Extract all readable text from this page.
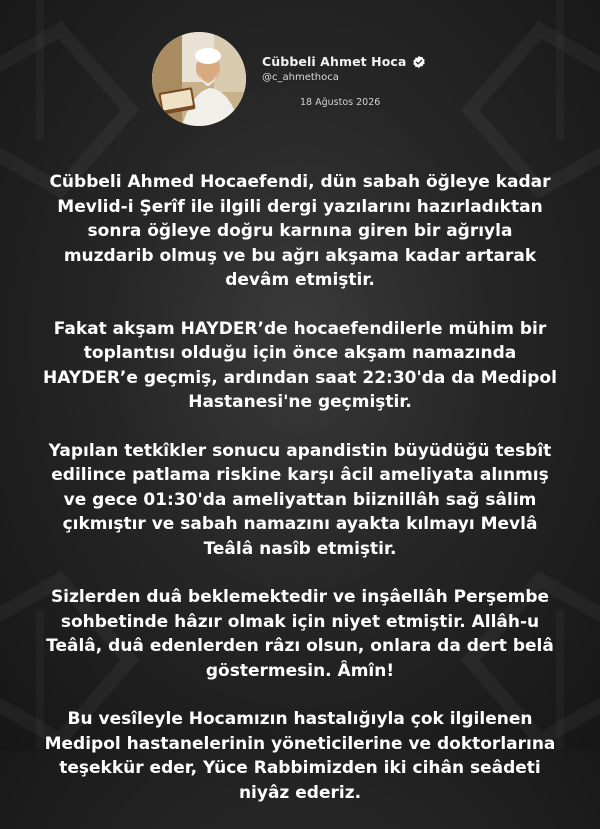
Cübbeli Ahmet Hoca
@c_ahmethoca
18 Ağustos 2026

Cübbeli Ahmed Hocaefendi, dün sabah öğleye kadar Mevlid-i Şerîf ile ilgili dergi yazılarını hazırladıktan sonra öğleye doğru karnına giren bir ağrıyla muzdarib olmuş ve bu ağrı akşama kadar artarak devâm etmiştir.

Fakat akşam HAYDER’de hocaefendilerle mühim bir toplantısı olduğu için önce akşam namazında HAYDER’e geçmiş, ardından saat 22:30'da da Medipol Hastanesi'ne geçmiştir.

Yapılan tetkîkler sonucu apandistin büyüdüğü tesbît edilince patlama riskine karşı âcil ameliyata alınmış ve gece 01:30'da ameliyattan biiznillâh sağ sâlim çıkmıştır ve sabah namazını ayakta kılmayı Mevlâ Teâlâ nasîb etmiştir.

Sizlerden duâ beklemektedir ve inşâellâh Perşembe sohbetinde hâzır olmak için niyet etmiştir. Allâh-u Teâlâ, duâ edenlerden râzı olsun, onlara da dert belâ göstermesin. Âmîn!

Bu vesîleyle Hocamızın hastalığıyla çok ilgilenen Medipol hastanelerinin yöneticilerine ve doktorlarına teşekkür eder, Yüce Rabbimizden iki cihân seâdeti niyâz ederiz.
